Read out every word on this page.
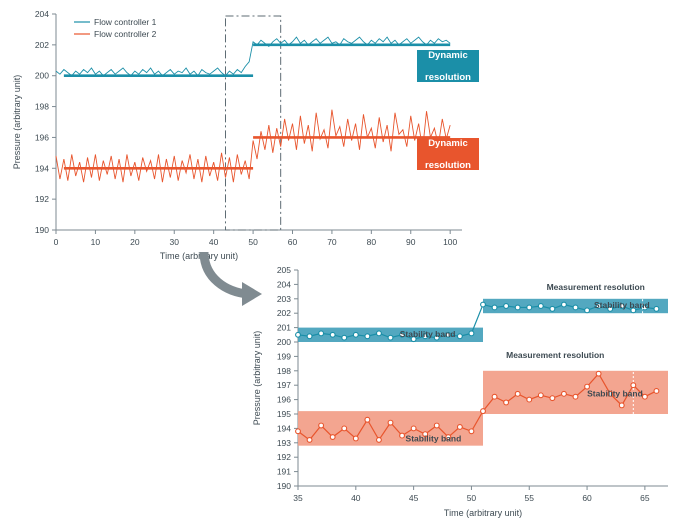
190
192
194
196
198
200
202
204
0	10	20	30	40	50	60	70	80	90	100
Time (arbitrary unit)
Pressure (arbitrary unit)
Flow controller 1
Flow controller 2
Dynamic

resolution
Dynamic

resolution
190
191
192
193
194
195
196
197
198
199
200
201
202
203
204
205
35	40	45	50	55	60	65
Time (arbitrary unit)
Pressure (arbitrary unit)
Measurement resolution
Stability band
Stability band
Measurement resolution
Stability band
Stability band
